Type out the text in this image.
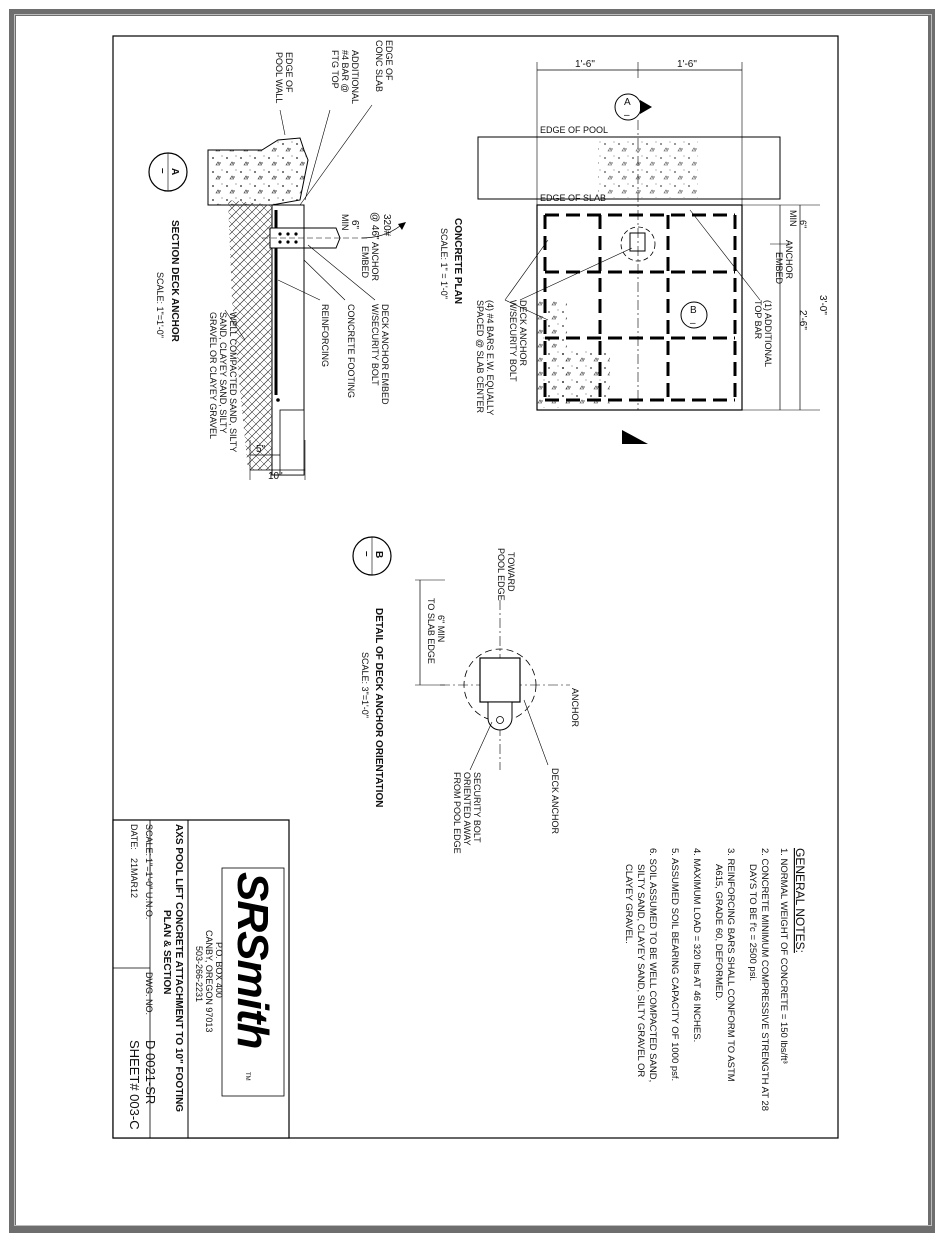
1'-6"	1'-6"
3'-0"
2'-6"
6"
MIN
EDGE OF POOL
EDGE OF SLAB
A
–
B
–	(1) ADDITIONAL
TOP BAR
ANCHOR
EMBED
DECK ANCHOR
W/SECURITY BOLT
(4) #4 BARS E.W. EQUALLY
SPACED @ SLAB CENTER
CONCRETE PLAN
SCALE: 1" = 1'-0"
320#
@ 46"
5"
10"
6"
MIN
EDGE OF
POOL WALL	EDGE OF
CONC SLAB
ADDITIONAL
#4 BAR @
FTG TOP
ANCHOR
EMBED
DECK ANCHOR EMBED
W/SECURITY BOLT
CONCRETE FOOTING
REINFORCING
WELL COMPACTED SAND, SILTY
SAND, CLAYEY SAND, SILTY
GRAVEL OR CLAYEY GRAVEL
A
–
SECTION DECK ANCHOR
SCALE: 1"=1'-0"
TOWARD
POOL EDGE
6" MIN
TO SLAB EDGE
ANCHOR
DECK ANCHOR
SECURITY BOLT
ORIENTED AWAY
FROM POOL EDGE
B
–
DETAIL OF DECK ANCHOR ORIENTATION
SCALE: 3"=1'-0"
GENERAL NOTES:
1. NORMAL WEIGHT OF CONCRETE = 150 lbs/ft³
2. CONCRETE MINIMUM COMPRESSIVE STRENGTH AT 28
DAYS TO BE f'c = 2500 psi.
3. REINFORCING BARS SHALL CONFORM TO ASTM
A615, GRADE 60, DEFORMED.
4. MAXIMUM LOAD = 320 lbs AT 46 INCHES.
5. ASSUMED SOIL BEARING CAPACITY OF 1000 psf.
6. SOIL ASSUMED TO BE WELL COMPACTED SAND,
SILTY SAND, CLAYEY SAND, SILTY GRAVEL OR
CLAYEY GRAVEL.
SRSmith
TM
P.O. BOX 400
CANBY, OREGON 97013
503-266-2231
AXS POOL LIFT CONCRETE ATTACHMENT TO 10" FOOTING
PLAN & SECTION
SCALE:
1"=1'-0" U.N.O.
DATE:
21MAR12
DWG. NO.
D 0021-SR
SHEET# 003-C
